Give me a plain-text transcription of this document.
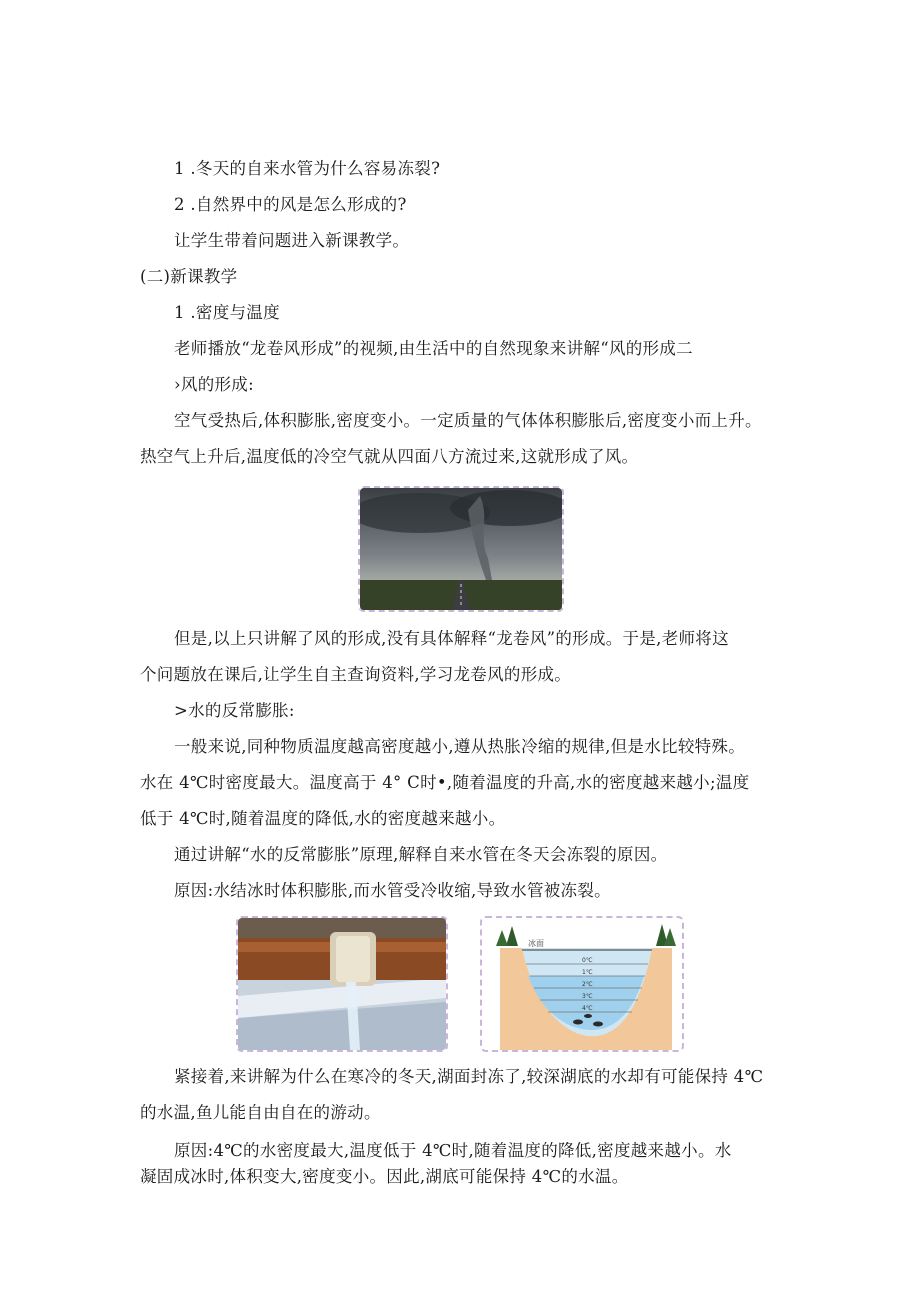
1 .冬天的自来水管为什么容易冻裂?
2 .自然界中的风是怎么形成的?
让学生带着问题进入新课教学。
(二)新课教学
1 .密度与温度
老师播放“龙卷风形成”的视频,由生活中的自然现象来讲解“风的形成二
›风的形成:
空气受热后,体积膨胀,密度变小。一定质量的气体体积膨胀后,密度变小而上升。
热空气上升后,温度低的冷空气就从四面八方流过来,这就形成了风。
但是,以上只讲解了风的形成,没有具体解释“龙卷风”的形成。于是,老师将这
个问题放在课后,让学生自主查询资料,学习龙卷风的形成。
>水的反常膨胀:
一般来说,同种物质温度越高密度越小,遵从热胀冷缩的规律,但是水比较特殊。
水在 4℃时密度最大。温度高于 4° C时•,随着温度的升高,水的密度越来越小;温度
低于 4℃时,随着温度的降低,水的密度越来越小。
通过讲解“水的反常膨胀”原理,解释自来水管在冬天会冻裂的原因。
原因:水结冰时体积膨胀,而水管受冷收缩,导致水管被冻裂。
冰面
0℃
1℃
2℃
3℃
4℃
紧接着,来讲解为什么在寒冷的冬天,湖面封冻了,较深湖底的水却有可能保持 4℃
的水温,鱼儿能自由自在的游动。
原因:4℃的水密度最大,温度低于 4℃时,随着温度的降低,密度越来越小。水
凝固成冰时,体积变大,密度变小。因此,湖底可能保持 4℃的水温。
